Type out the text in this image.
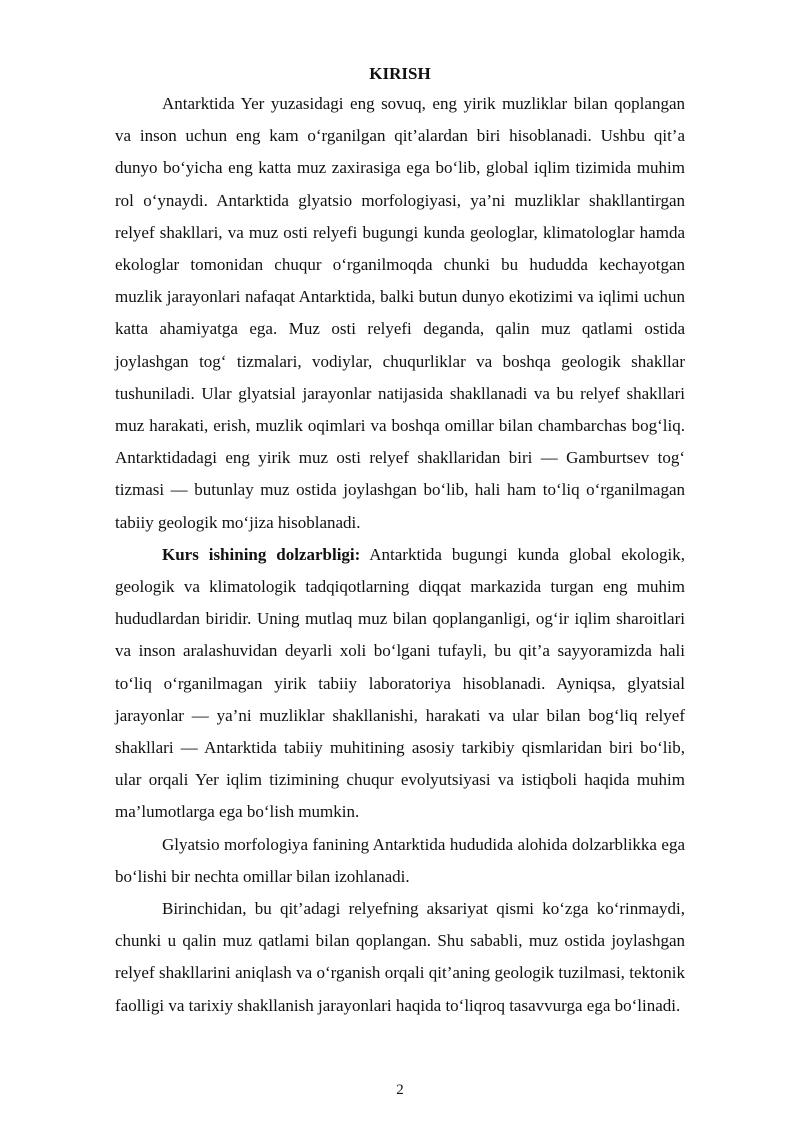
KIRISH

Antarktida Yer yuzasidagi eng sovuq, eng yirik muzliklar bilan qoplangan va inson uchun eng kam o‘rganilgan qit’alardan biri hisoblanadi. Ushbu qit’a dunyo bo‘yicha eng katta muz zaxirasiga ega bo‘lib, global iqlim tizimida muhim rol o‘ynaydi. Antarktida glyatsio morfologiyasi, ya’ni muzliklar shakllantirgan relyef shakllari, va muz osti relyefi bugungi kunda geologlar, klimatologlar hamda ekologlar tomonidan chuqur o‘rganilmoqda chunki bu hududda kechayotgan muzlik jarayonlari nafaqat Antarktida, balki butun dunyo ekotizimi va iqlimi uchun katta ahamiyatga ega. Muz osti relyefi deganda, qalin muz qatlami ostida joylashgan tog‘ tizmalari, vodiylar, chuqurliklar va boshqa geologik shakllar tushuniladi. Ular glyatsial jarayonlar natijasida shakllanadi va bu relyef shakllari muz harakati, erish, muzlik oqimlari va boshqa omillar bilan chambarchas bog‘liq. Antarktidadagi eng yirik muz osti relyef shakllaridan biri — Gamburtsev tog‘ tizmasi — butunlay muz ostida joylashgan bo‘lib, hali ham to‘liq o‘rganilmagan tabiiy geologik mo‘jiza hisoblanadi.

Kurs ishining dolzarbligi: Antarktida bugungi kunda global ekologik, geologik va klimatologik tadqiqotlarning diqqat markazida turgan eng muhim hududlardan biridir. Uning mutlaq muz bilan qoplanganligi, og‘ir iqlim sharoitlari va inson aralashuvidan deyarli xoli bo‘lgani tufayli, bu qit’a sayyoramizda hali to‘liq o‘rganilmagan yirik tabiiy laboratoriya hisoblanadi. Ayniqsa, glyatsial jarayonlar — ya’ni muzliklar shakllanishi, harakati va ular bilan bog‘liq relyef shakllari — Antarktida tabiiy muhitining asosiy tarkibiy qismlaridan biri bo‘lib, ular orqali Yer iqlim tizimining chuqur evolyutsiyasi va istiqboli haqida muhim ma’lumotlarga ega bo‘lish mumkin.

Glyatsio morfologiya fanining Antarktida hududida alohida dolzarblikka ega bo‘lishi bir nechta omillar bilan izohlanadi.

Birinchidan, bu qit’adagi relyefning aksariyat qismi ko‘zga ko‘rinmaydi, chunki u qalin muz qatlami bilan qoplangan. Shu sababli, muz ostida joylashgan relyef shakllarini aniqlash va o‘rganish orqali qit’aning geologik tuzilmasi, tektonik faolligi va tarixiy shakllanish jarayonlari haqida to‘liqroq tasavvurga ega bo‘linadi.

2
